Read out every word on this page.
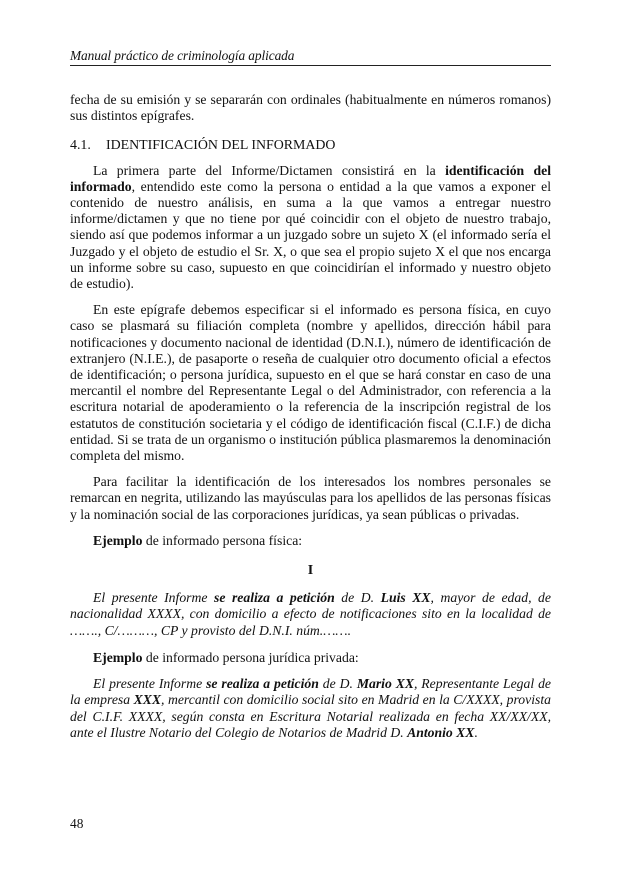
Manual práctico de criminología aplicada

fecha de su emisión y se separarán con ordinales (habitualmente en números romanos) sus distintos epígrafes.

4.1. IDENTIFICACIÓN DEL INFORMADO

La primera parte del Informe/Dictamen consistirá en la identificación del informado, entendido este como la persona o entidad a la que vamos a exponer el contenido de nuestro análisis, en suma a la que vamos a entregar nuestro informe/dictamen y que no tiene por qué coincidir con el objeto de nuestro trabajo, siendo así que podemos informar a un juzgado sobre un sujeto X (el informado sería el Juzgado y el objeto de estudio el Sr. X, o que sea el propio sujeto X el que nos encarga un informe sobre su caso, supuesto en que coincidirían el informado y nuestro objeto de estudio).

En este epígrafe debemos especificar si el informado es persona física, en cuyo caso se plasmará su filiación completa (nombre y apellidos, dirección hábil para notificaciones y documento nacional de identidad (D.N.I.), número de identificación de extranjero (N.I.E.), de pasaporte o reseña de cualquier otro documento oficial a efectos de identificación; o persona jurídica, supuesto en el que se hará constar en caso de una mercantil el nombre del Representante Legal o del Administrador, con referencia a la escritura notarial de apoderamiento o la referencia de la inscripción registral de los estatutos de constitución societaria y el código de identificación fiscal (C.I.F.) de dicha entidad. Si se trata de un organismo o institución pública plasmaremos la denominación completa del mismo.

Para facilitar la identificación de los interesados los nombres personales se remarcan en negrita, utilizando las mayúsculas para los apellidos de las personas físicas y la nominación social de las corporaciones jurídicas, ya sean públicas o privadas.

Ejemplo de informado persona física:
I

El presente Informe se realiza a petición de D. Luis XX, mayor de edad, de nacionalidad XXXX, con domicilio a efecto de notificaciones sito en la localidad de ……., C/………, CP y provisto del D.N.I. núm.…….

Ejemplo de informado persona jurídica privada:

El presente Informe se realiza a petición de D. Mario XX, Representante Legal de la empresa XXX, mercantil con domicilio social sito en Madrid en la C/XXXX, provista del C.I.F. XXXX, según consta en Escritura Notarial realizada en fecha XX/XX/XX, ante el Ilustre Notario del Colegio de Notarios de Madrid D. Antonio XX.

48
